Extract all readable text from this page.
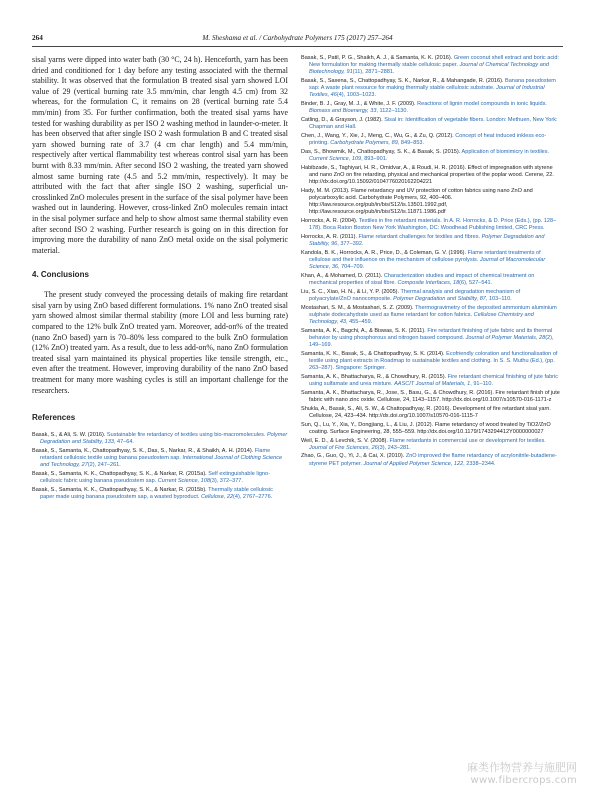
264	M. Sheshama et al. / Carbohydrate Polymers 175 (2017) 257–264

sisal yarns were dipped into water bath (30 °C, 24 h). Henceforth, yarn has been dried and conditioned for 1 day before any testing associated with the thermal stability. It was observed that the formulation B treated sisal yarn showed LOI value of 29 (vertical burning rate 3.5 mm/min, char length 4.5 cm) from 32 whereas, for the formulation C, it remains on 28 (vertical burning rate 5.4 mm/min) from 35. For further confirmation, both the treated sisal yarns have tested for washing durability as per ISO 2 washing method in launder-o-meter. It has been observed that after single ISO 2 wash formulation B and C treated sisal yarn showed burning rate of 3.7 (4 cm char length) and 5.4 mm/min, respectively after vertical flammability test whereas control sisal yarn has been burnt with 8.33 mm/min. After second ISO 2 washing, the treated yarn showed almost same burning rate (4.5 and 5.2 mm/min, respectively). It may be attributed with the fact that after single ISO 2 washing, superficial un-crosslinked ZnO molecules present in the surface of the sisal polymer have been washed out in laundering. However, cross-linked ZnO molecules remain intact in the sisal polymer surface and help to show almost same thermal stability even after second ISO 2 washing. Further research is going on in this direction for improving more the durability of nano ZnO metal oxide on the sisal polymeric material.

4. Conclusions

The present study conveyed the processing details of making fire retardant sisal yarn by using ZnO based different formulations. 1% nano ZnO treated sisal yarn showed almost similar thermal stability (more LOI and less burning rate) compared to the 12% bulk ZnO treated yarn. Moreover, add-on% of the treated (nano ZnO based) yarn is 70–80% less compared to the bulk ZnO formulation (12% ZnO) treated yarn. As a result, due to less add-on%, nano ZnO formulation treated sisal yarn maintained its physical properties like tensile strength, etc., even after the treatment. However, improving durability of the nano ZnO based treatment for many more washing cycles is still an important challenge for the researchers.

References

Basak, S., & Ali, S. W. (2016). Sustainable fire retardancy of textiles using bio-macromolecules. Polymer Degradation and Stability, 133, 47–64.

Basak, S., Samanta, K., Chattopadhyay, S. K., Das, S., Narkar, R., & Shaikh, A. H. (2014). Flame retardant cellulosic textile using banana pseudostem sap. International Journal of Clothing Science and Technology, 27(2), 247–261.

Basak, S., Samanta, K. K., Chattopadhyay, S. K., & Narkar, R. (2015a). Self extinguishable ligno-cellulosic fabric using banana pseudostem sap. Current Science, 108(3), 372–377.

Basak, S., Samanta, K. K., Chattopadhyay, S. K., & Narkar, R. (2015b). Thermally stable cellulosic paper made using banana pseudostem sap, a wasted byproduct. Cellulose, 22(4), 2767–2776.

Basak, S., Patil, P. G., Shaikh, A. J., & Samanta, K. K. (2016). Green coconut shell extract and boric acid: New formulation for making thermally stable cellulosic paper. Journal of Chemical Technology and Biotechnology, 91(11), 2871–2881.

Basak, S., Saxena, S., Chattopadhyay, S. K., Narkar, R., & Mahangade, R. (2016). Banana pseudostem sap: A waste plant resource for making thermally stable cellulosic substrate. Journal of Industrial Textiles, 46(4), 1003–1023.

Binder, B. J., Gray, M. J., & White, J. F. (2009). Reactions of lignin model compounds in ionic liquids. Biomass and Bioenergy, 33, 1122–1130.

Catling, D., & Grayson, J. (1982). Sisal in: Identification of vegetable fibers. London: Methuen, New York: Chapman and Hall.

Chen, J., Wang, Y., Xie, J., Meng, C., Wu, G., & Zu, Q. (2012). Concept of heat induced inkless eco-printing. Carbohydrate Polymers, 89, 849–853.

Das, S., Bhowmik, M., Chattopadhyay, S. K., & Basak, S. (2015). Application of biomimicry in textiles. Current Science, 109, 893–901.

Habibzade, S., Taghiyari, H. R., Omidvar, A., & Roudi, H. R. (2016). Effect of impregnation with styrene and nano ZnO on fire retarding, physical and mechanical properties of the poplar wood. Cerene, 22. http://dx.doi.org/10.15092/0104776020162204221

Hady, M. M. (2013). Flame retardancy and UV protection of cotton fabrics using nano ZnO and polycarboxylic acid. Carbohydrate Polymers, 92, 400–406. http://law.resource.org/pub/in/bis/S12/is.13501.1992.pdf, http://law.resource.org/pub/in/bis/S12/is.11871.1986.pdf

Horrocks, A. R. (2004). Textiles in fire retardant materials. In A. R. Horrocks, & D. Price (Eds.), (pp. 128–178). Boca Raton Boston New York Washington, DC: Woodhead Publishing limited, CRC Press.

Horrocks, A. R. (2011). Flame retardant challenges for textiles and fibres. Polymer Degradation and Stability, 96, 377–392.

Kandola, B. K., Horrocks, A. R., Price, D., & Coleman, G. V. (1996). Flame retardant treatments of cellulose and their influence on the mechanism of cellulose pyrolysis. Journal of Macromolecular Science, 36, 704–709.

Khan, A., & Mohamed, D. (2011). Characterization studies and impact of chemical treatment on mechanical properties of sisal fibre. Composite Interfaces, 18(6), 527–541.

Liu, S. C., Xiao, H. N., & Li, Y. P. (2005). Thermal analysis and degradation mechanism of polyacrylate/ZnO nanocomposite. Polymer Degradation and Stability, 87, 103–110.

Mostashari, S. M., & Mostashari, S. Z. (2009). Thermogravimetry of the deposited ammonium aluminium sulphate dodecahydrate used as flame retardant for cotton fabrics. Cellulose Chemistry and Technology, 43, 455–459.

Samanta, A. K., Bagchi, A., & Biswas, S. K. (2011). Fire retardant finishing of jute fabric and its thermal behavior by using phosphorous and nitrogen based compound. Journal of Polymer Materials, 28(2), 149–169.

Samanta, K. K., Basak, S., & Chattopadhyay, S. K. (2014). Ecofriendly coloration and functionalisation of textile using plant extracts in Roadmap to sustainable textiles and clothing. In S. S. Muthu (Ed.), (pp. 263–287). Singapore: Springer.

Samanta, A. K., Bhattacharya, R., & Chowdhury, R. (2015). Fire retardant chemical finishing of jute fabric using sulfamate and urea mixture. AASCIT Journal of Materials, 1, 91–110.

Samanta, A. K., Bhattacharya, R., Jose, S., Basu, G., & Chowdhury, R. (2016). Fire retardant finish of jute fabric with nano zinc oxide. Cellulose, 24, 1143–1157. http://dx.doi.org/10.1007/s10570-016-1171-z

Shukla, A., Basak, S., Ali, S. W., & Chattopadhyay, R. (2016). Development of fire retardant sisal yarn. Cellulose, 24, 423–434. http://dx.doi.org/10.1007/s10570-016-1115-7

Sun, Q., Lu, Y., Xia, Y., Dongjiang, L., & Liu, J. (2012). Flame retardancy of wood treated by TiO2/ZnO coating. Surface Engineering, 28, 555–559. http://dx.doi.org/10.1179/1743294412Y0000000027

Weil, E. D., & Levchik, S. V. (2008). Flame retardants in commercial use or development for textiles. Journal of Fire Sciences, 26(3), 243–281.

Zhao, G., Guo, Q., Yi, J., & Cai, X. (2010). ZnO improved the flame retardancy of acrylonitrile-butadiene-styrene PET polymer. Journal of Applied Polymer Science, 122, 2338–2344.

麻类作物营养与施肥网
www.fibercrops.com
